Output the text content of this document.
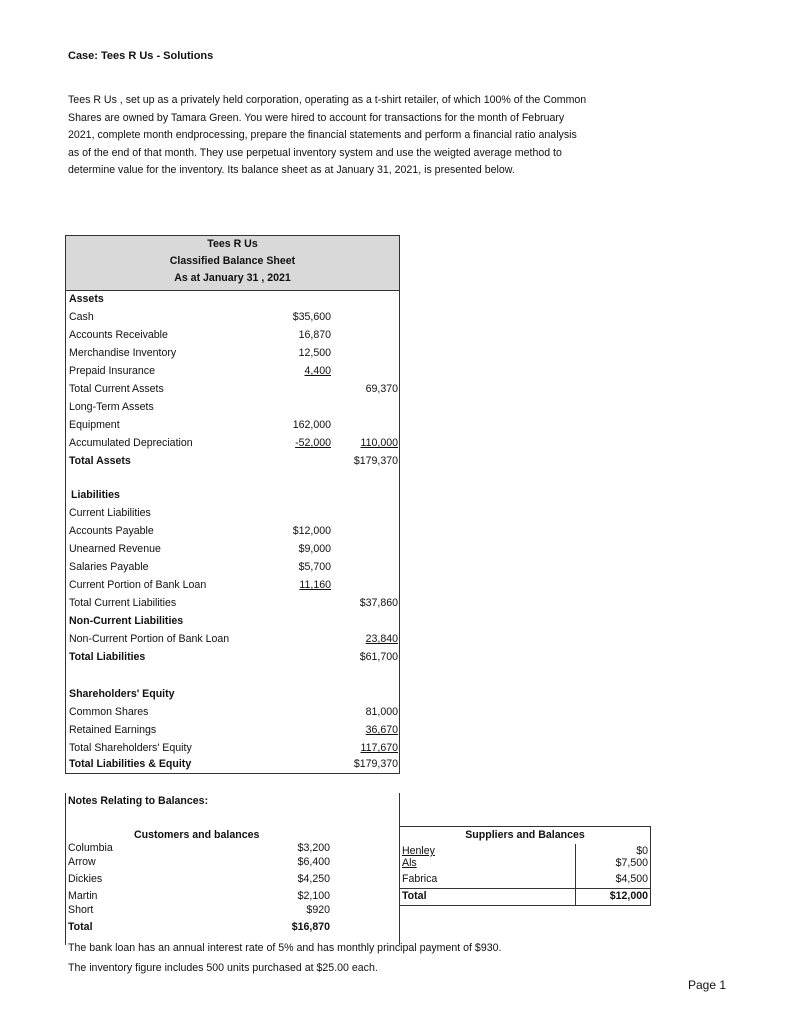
Case: Tees R Us - Solutions
Tees R Us , set up as a privately held corporation, operating as a t-shirt retailer, of which 100% of the Common
Shares are owned by Tamara Green. You were hired to account for transactions for the month of February
2021, complete month endprocessing, prepare the financial statements and perform a financial ratio analysis
as of the end of that month. They use perpetual inventory system and use the weigted average method to
determine value for the inventory. Its balance sheet as at January 31, 2021, is presented below.
Tees R Us
Classified Balance Sheet
As at January 31 , 2021
Assets
Cash	$35,600
Accounts Receivable	16,870
Merchandise Inventory	12,500
Prepaid Insurance	4,400
Total Current Assets	69,370
Long-Term Assets
Equipment	162,000
Accumulated Depreciation	-52,000	110,000
Total Assets	$179,370
Liabilities
Current Liabilities
Accounts Payable	$12,000
Unearned Revenue	$9,000
Salaries Payable	$5,700
Current Portion of Bank Loan	11,160
Total Current Liabilities	$37,860
Non-Current Liabilities
Non-Current Portion of Bank Loan	23,840
Total Liabilities	$61,700
Shareholders' Equity
Common Shares	81,000
Retained Earnings	36,670
Total Shareholders' Equity	117,670
Total Liabilities & Equity	$179,370
Notes Relating to Balances:
Customers and balances
Columbia	$3,200
Arrow	$6,400
Dickies	$4,250
Martin	$2,100
Short	$920
Total	$16,870
Suppliers and Balances
Henley	$0
Als	$7,500
Fabrica	$4,500
Total	$12,000
The bank loan has an annual interest rate of 5% and has monthly principal payment of $930.
The inventory figure includes 500 units purchased at $25.00 each.
Page 1
